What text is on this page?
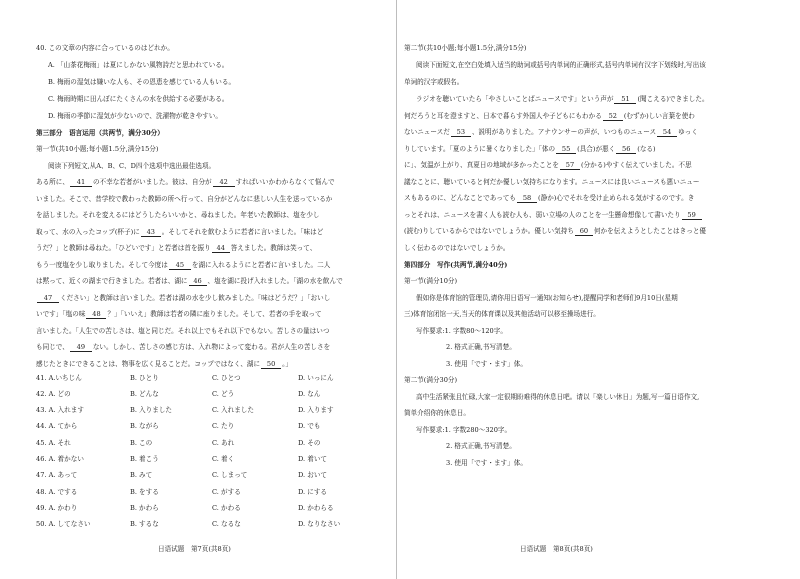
40. この文章の内容に合っているのはどれか。
A. 「山茶花梅雨」は夏にしかない風物詩だと思われている。
B. 梅雨の湿気は嫌いな人も、その恩恵を感じている人もいる。
C. 梅雨時期に田んぼにたくさんの水を供給する必要がある。
D. 梅雨の季節に湿気が少ないので、洗濯物が乾きやすい。
第三部分　语言运用（共两节，满分30分）
第一节(共10小题;每小题1.5分,满分15分)
阅读下列短文,从A、B、C、D四个选项中选出最佳选项。
ある所に、 41 の不幸な若者がいました。彼は、自分が 42 すればいいかわからなくて悩んで
いました。そこで、昔学校で教わった教師の所へ行って、自分がどんなに悲しい人生を送っているか
を話しました。それを変えるにはどうしたらいいかと、尋ねました。年老いた教師は、塩を少し
取って、水の入ったコップ(杯子)に 43 。そしてそれを飲むように若者に言いました。「味はど
うだ？」と教師は尋ねた。「ひどいです」と若者は首を振り 44 答えました。教師は笑って、
もう一度塩を少し取りました。そして今度は 45 を湖に入れるようにと若者に言いました。二人
は黙って、近くの湖まで行きました。若者は、湖に 46 、塩を湖に投げ入れました。「湖の水を飲んで
47 ください」と教師は言いました。若者は湖の水を少し飲みました。「味はどうだ？」「おいし
いです」「塩の味 48 ？」「いいえ」教師は若者の隣に座りました。そして、若者の手を取って
言いました。「人生での苦しさは、塩と同じだ。それ以上でもそれ以下でもない。苦しさの量はいつ
も同じで、 49 ない。しかし、苦しさの感じ方は、入れ物によって変わる。君が人生の苦しさを
感じたときにできることは、物事を広く見ることだ。コップではなく、湖に 50 。」
41. A.いちじん	B. ひとり	C. ひとつ	D. いっにん
42. A. どの	B. どんな	C. どう	D. なん
43. A. 入れます	B. 入りました	C. 入れました	D. 入ります
44. A. てから	B. ながら	C. たり	D. でも
45. A. それ	B. この	C. あれ	D. その
46. A. 着かない	B. 着こう	C. 着く	D. 着いて
47. A. あって	B. みて	C. しまって	D. おいて
48. A. でする	B. をする	C. がする	D. にする
49. A. かわり	B. かわら	C. かわる	D. かわらる
50. A. してなさい	B. するな	C. なるな	D. なりなさい
日语试题　第7页(共8页)
第二节(共10小题;每小题1.5分,满分15分)
阅读下面短文,在空白处填入适当的助词或括号内单词的正确形式,括号内单词有汉字下划线时,写出该
单词的汉字或假名。
ラジオを聴いていたら「やさしいことばニュースです」という声が 51 (聞こえる)できました。
何だろうと耳を澄ますと、日本で暮らす外国人や子どもにもわかる 52 (むずか)しい言葉を使わ
ないニュースだ 53 、説明がありました。アナウンサーの声が、いつものニュース 54 ゆっく
りしています。「夏のように暑くなりました」「体の 55 (具合)が悪く 56 (なる)
に」、気温が上がり、真夏日の地域が多かったことを 57 (分かる)やすく伝えていました。不思
議なことに、聴いていると何だか優しい気持ちになります。ニュースには良いニュースも悪いニュー
スもあるのに、どんなことであっても 58 (静か)心でそれを受け止められる気がするのです。き
っとそれは、ニュースを書く人も読む人も、弱い立場の人のことを一生懸命想像して書いたり 59
(読む)りしているからではないでしょうか。優しい気持ち 60 何かを伝えようとしたことはきっと優
しく伝わるのではないでしょうか。
第四部分　写作(共两节,满分40分)
第一节(满分10分)
假如你是体育馆的管理员,请你用日语写一通知(お知らせ),提醒同学和老师们9月10日(星期
三)体育馆闭馆一天,当天的体育课以及其他活动可以移至操场进行。
写作要求:1. 字数80～120字。
2. 格式正确,书写清楚。
3. 使用「です・ます」体。
第二节(满分30分)
高中生活紧张且忙碌,大家一定很期盼难得的休息日吧。请以「楽しい休日」为题,写一篇日语作文,
简单介绍你的休息日。
写作要求:1. 字数280～320字。
2. 格式正确,书写清楚。
3. 使用「です・ます」体。
日语试题　第8页(共8页)
